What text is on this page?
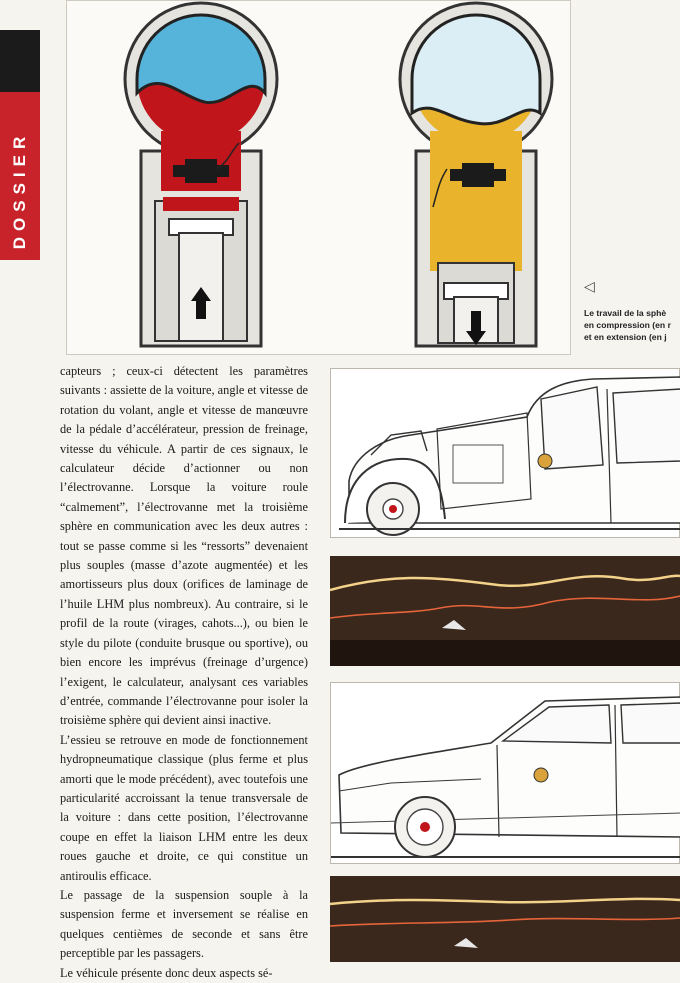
DOSSIER
◁
Le travail de la sphè
en compression (en r
et en extension (en j

capteurs ; ceux-ci détectent les paramètres suivants : assiette de la voiture, angle et vitesse de rotation du volant, angle et vitesse de manœuvre de la pédale d’accélérateur, pression de freinage, vitesse du véhicule. A partir de ces signaux, le calculateur décide d’actionner ou non l’électrovanne. Lorsque la voiture roule “calmement”, l’électrovanne met la troisième sphère en communication avec les deux autres : tout se passe comme si les “ressorts” devenaient plus souples (masse d’azote augmentée) et les amortisseurs plus doux (orifices de laminage de l’huile LHM plus nombreux). Au contraire, si le profil de la route (virages, cahots...), ou bien le style du pilote (conduite brusque ou sportive), ou bien encore les imprévus (freinage d’urgence) l’exigent, le calculateur, analysant ces variables d’entrée, commande l’électrovanne pour isoler la troisième sphère qui devient ainsi inactive.

L’essieu se retrouve en mode de fonctionnement hydropneumatique classique (plus ferme et plus amorti que le mode précédent), avec toutefois une particularité accroissant la tenue transversale de la voiture : dans cette position, l’électrovanne coupe en effet la liaison LHM entre les deux roues gauche et droite, ce qui constitue un antiroulis efficace.

Le passage de la suspension souple à la suspension ferme et inversement se réalise en quelques centièmes de seconde et sans être perceptible par les passagers.

Le véhicule présente donc deux aspects sé-
